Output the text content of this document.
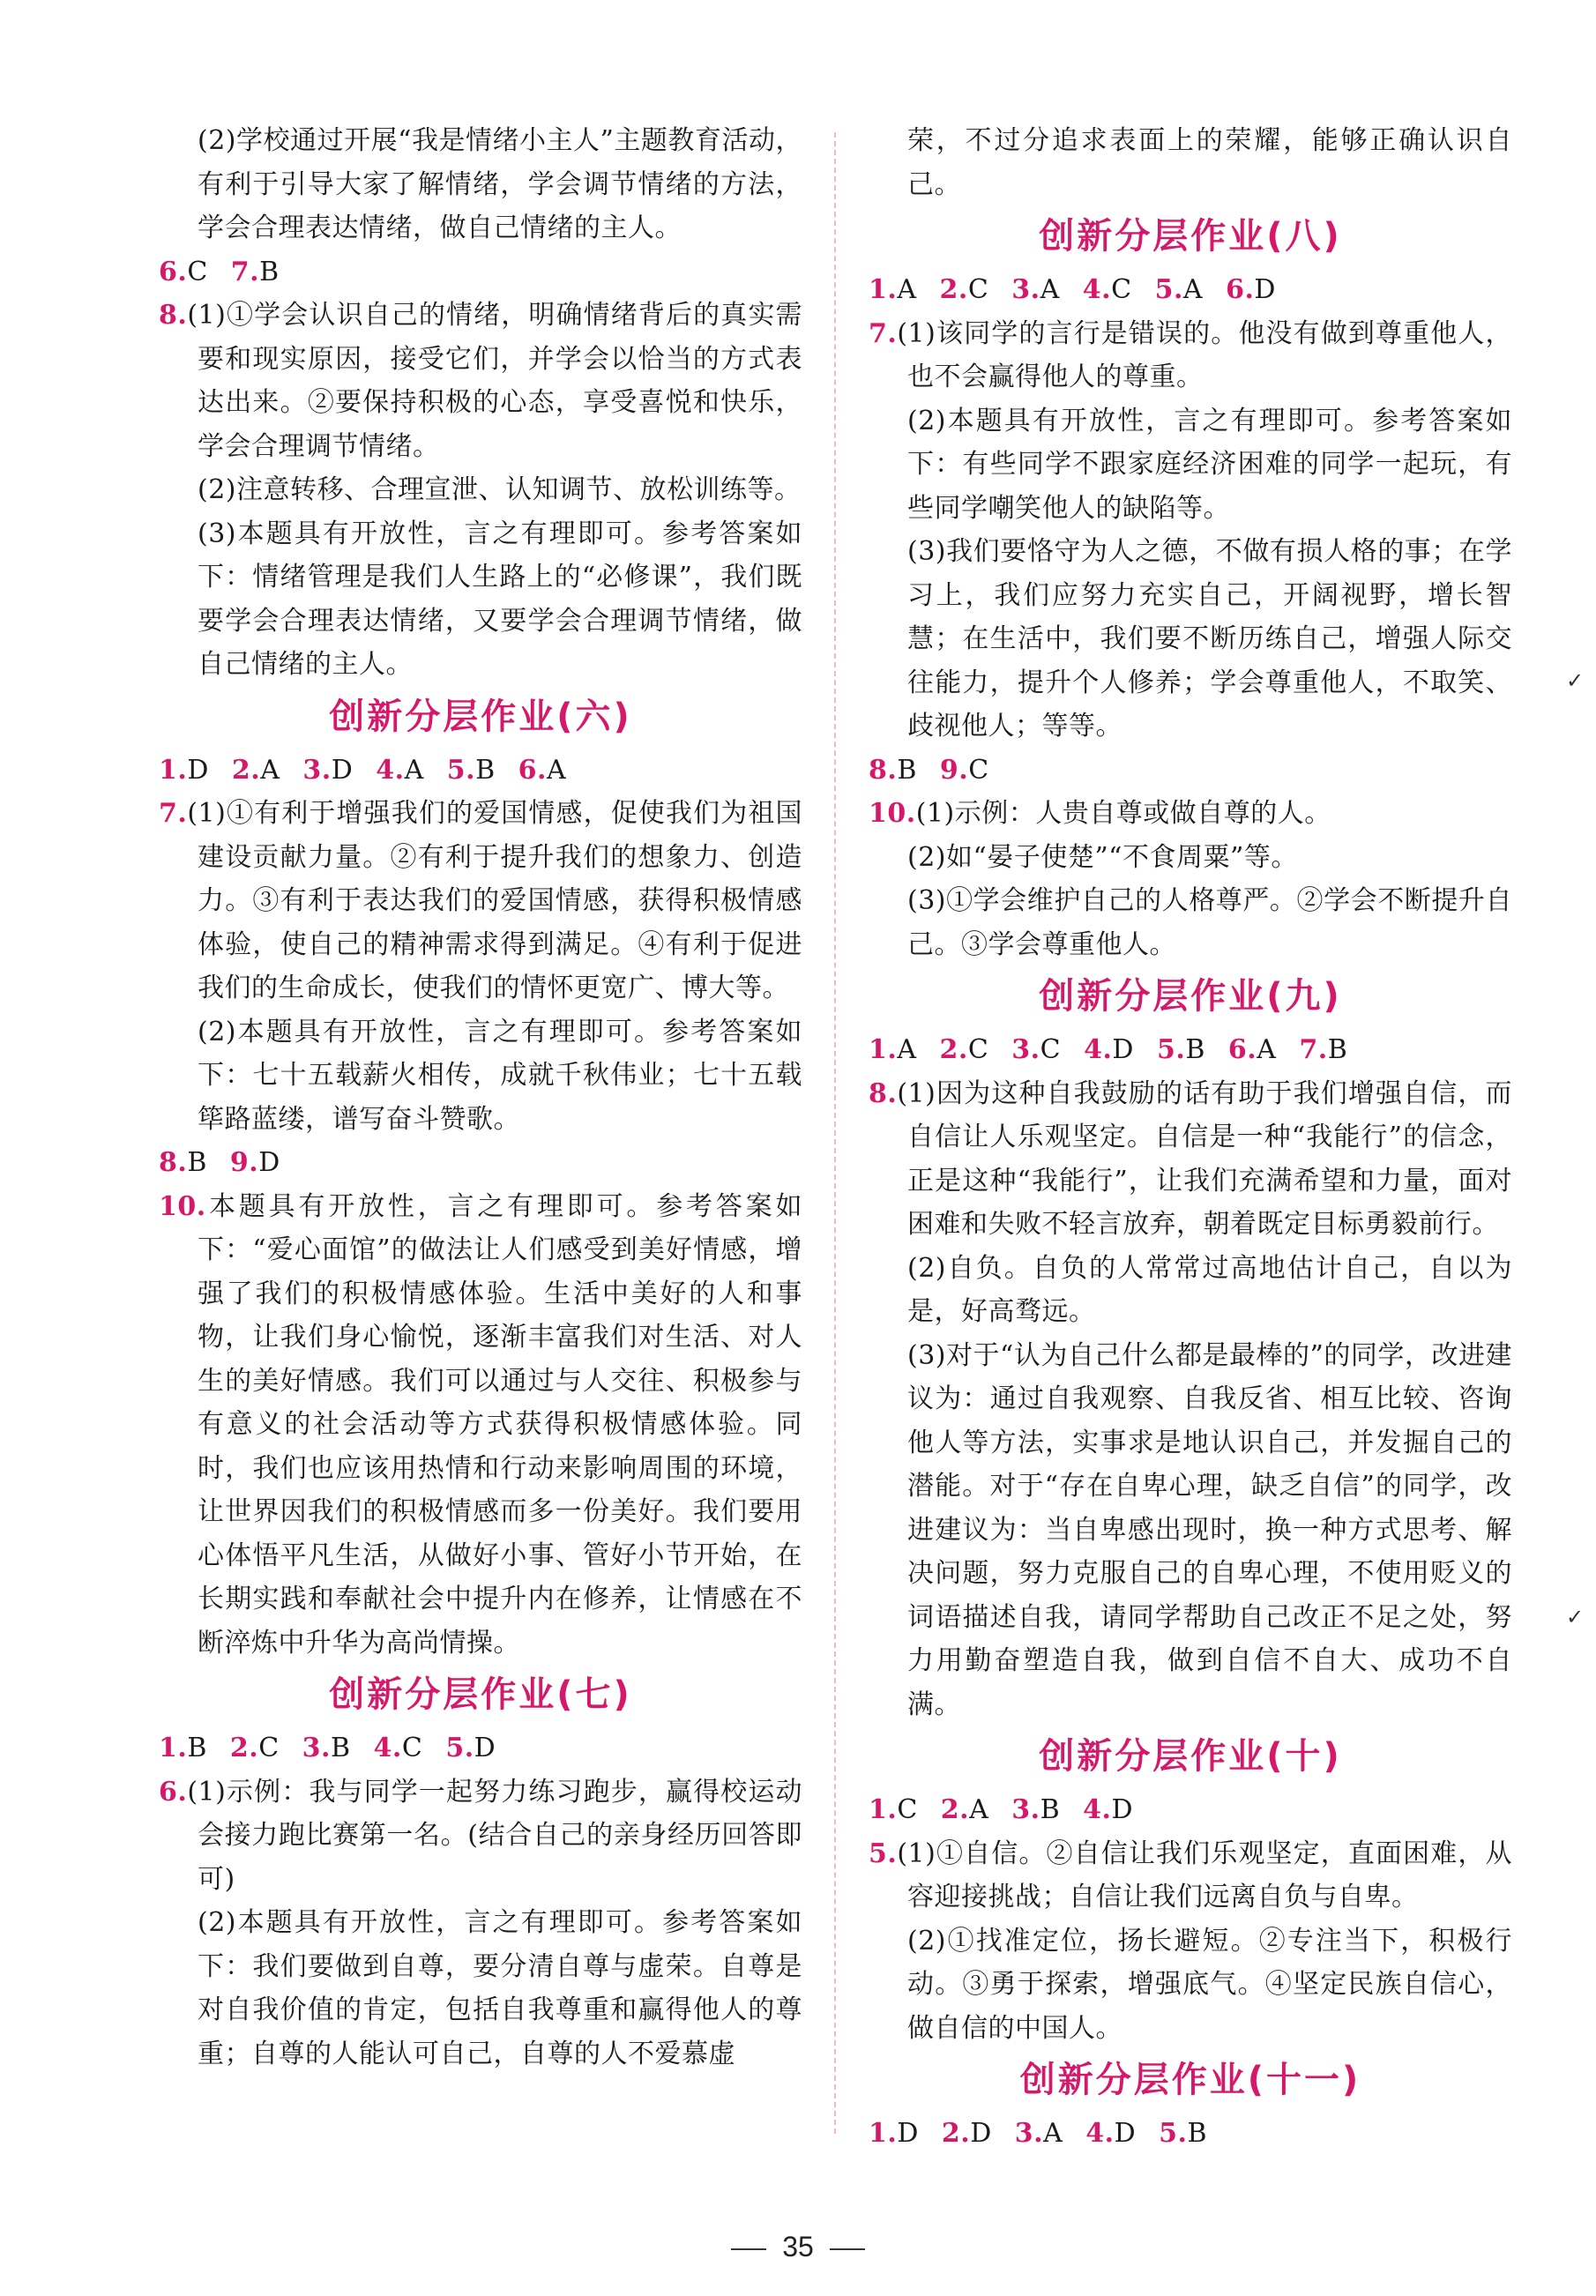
(2)学校通过开展“我是情绪小主人”主题教育活动，有利于引导大家了解情绪，学会调节情绪的方法，学会合理表达情绪，做自己情绪的主人。

6.C 7.B

8.(1)①学会认识自己的情绪，明确情绪背后的真实需要和现实原因，接受它们，并学会以恰当的方式表达出来。②要保持积极的心态，享受喜悦和快乐，学会合理调节情绪。

(2)注意转移、合理宣泄、认知调节、放松训练等。

(3)本题具有开放性，言之有理即可。参考答案如下：情绪管理是我们人生路上的“必修课”，我们既要学会合理表达情绪，又要学会合理调节情绪，做自己情绪的主人。

创新分层作业(六)

1.D 2.A 3.D 4.A 5.B 6.A

7.(1)①有利于增强我们的爱国情感，促使我们为祖国建设贡献力量。②有利于提升我们的想象力、创造力。③有利于表达我们的爱国情感，获得积极情感体验，使自己的精神需求得到满足。④有利于促进我们的生命成长，使我们的情怀更宽广、博大等。

(2)本题具有开放性，言之有理即可。参考答案如下：七十五载薪火相传，成就千秋伟业；七十五载筚路蓝缕，谱写奋斗赞歌。

8.B 9.D

10.本题具有开放性，言之有理即可。参考答案如下：“爱心面馆”的做法让人们感受到美好情感，增强了我们的积极情感体验。生活中美好的人和事物，让我们身心愉悦，逐渐丰富我们对生活、对人生的美好情感。我们可以通过与人交往、积极参与有意义的社会活动等方式获得积极情感体验。同时，我们也应该用热情和行动来影响周围的环境，让世界因我们的积极情感而多一份美好。我们要用心体悟平凡生活，从做好小事、管好小节开始，在长期实践和奉献社会中提升内在修养，让情感在不断淬炼中升华为高尚情操。

创新分层作业(七)

1.B 2.C 3.B 4.C 5.D

6.(1)示例：我与同学一起努力练习跑步，赢得校运动会接力跑比赛第一名。(结合自己的亲身经历回答即可)

(2)本题具有开放性，言之有理即可。参考答案如下：我们要做到自尊，要分清自尊与虚荣。自尊是对自我价值的肯定，包括自我尊重和赢得他人的尊重；自尊的人能认可自己，自尊的人不爱慕虚

荣，不过分追求表面上的荣耀，能够正确认识自己。

创新分层作业(八)

1.A 2.C 3.A 4.C 5.A 6.D

7.(1)该同学的言行是错误的。他没有做到尊重他人，也不会赢得他人的尊重。

(2)本题具有开放性，言之有理即可。参考答案如下：有些同学不跟家庭经济困难的同学一起玩，有些同学嘲笑他人的缺陷等。

(3)我们要恪守为人之德，不做有损人格的事；在学习上，我们应努力充实自己，开阔视野，增长智慧；在生活中，我们要不断历练自己，增强人际交往能力，提升个人修养；学会尊重他人，不取笑、歧视他人；等等。

8.B 9.C

10.(1)示例：人贵自尊或做自尊的人。

(2)如“晏子使楚”“不食周粟”等。

(3)①学会维护自己的人格尊严。②学会不断提升自己。③学会尊重他人。

创新分层作业(九)

1.A 2.C 3.C 4.D 5.B 6.A 7.B

8.(1)因为这种自我鼓励的话有助于我们增强自信，而自信让人乐观坚定。自信是一种“我能行”的信念，正是这种“我能行”，让我们充满希望和力量，面对困难和失败不轻言放弃，朝着既定目标勇毅前行。

(2)自负。自负的人常常过高地估计自己，自以为是，好高骛远。

(3)对于“认为自己什么都是最棒的”的同学，改进建议为：通过自我观察、自我反省、相互比较、咨询他人等方法，实事求是地认识自己，并发掘自己的潜能。对于“存在自卑心理，缺乏自信”的同学，改进建议为：当自卑感出现时，换一种方式思考、解决问题，努力克服自己的自卑心理，不使用贬义的词语描述自我，请同学帮助自己改正不足之处，努力用勤奋塑造自我，做到自信不自大、成功不自满。

创新分层作业(十)

1.C 2.A 3.B 4.D

5.(1)①自信。②自信让我们乐观坚定，直面困难，从容迎接挑战；自信让我们远离自负与自卑。

(2)①找准定位，扬长避短。②专注当下，积极行动。③勇于探索，增强底气。④坚定民族自信心，做自信的中国人。

创新分层作业(十一)

1.D 2.D 3.A 4.D 5.B

35
✓
✓
